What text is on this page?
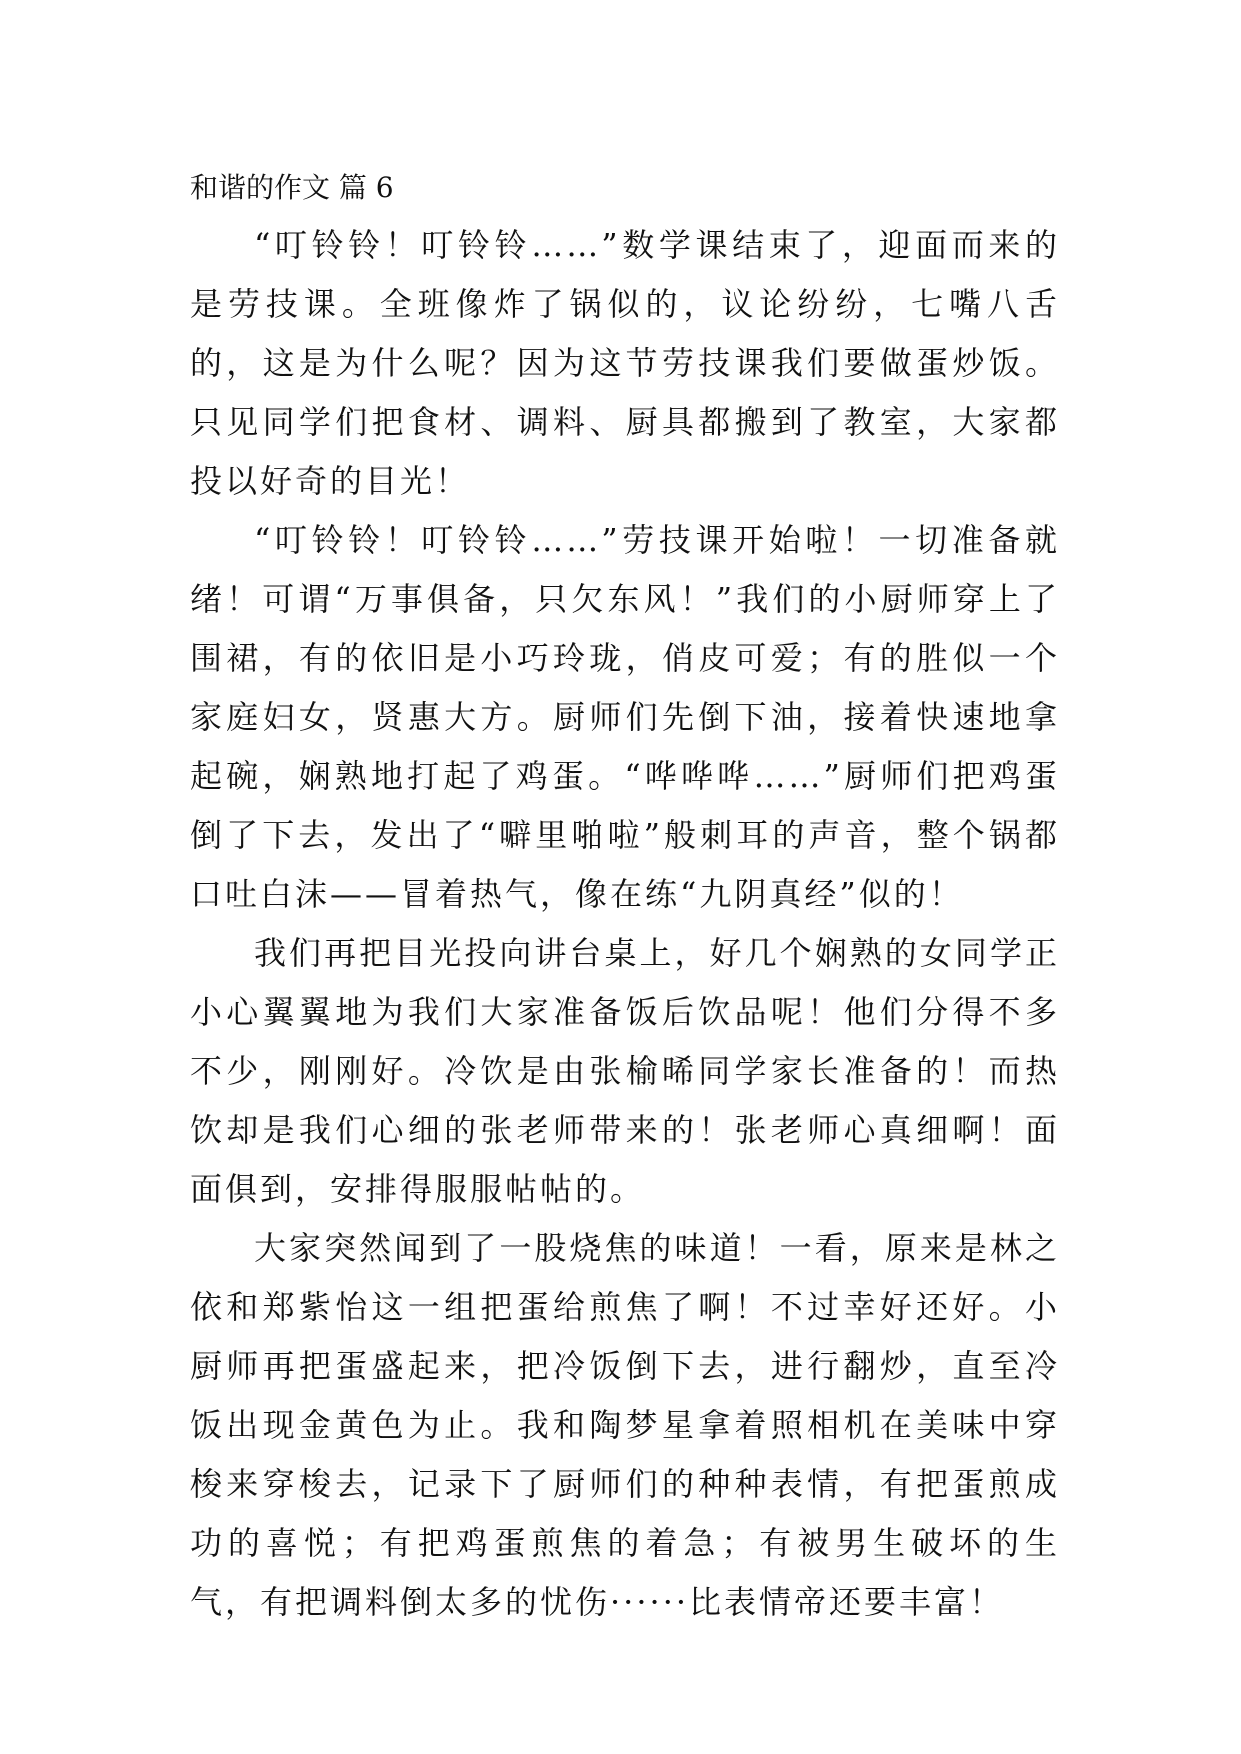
和谐的作文 篇 6

“叮铃铃！叮铃铃……”数学课结束了，迎面而来的是劳技课。全班像炸了锅似的，议论纷纷，七嘴八舌的，这是为什么呢？因为这节劳技课我们要做蛋炒饭。只见同学们把食材、调料、厨具都搬到了教室，大家都投以好奇的目光！

“叮铃铃！叮铃铃……”劳技课开始啦！一切准备就绪！可谓“万事俱备，只欠东风！”我们的小厨师穿上了围裙，有的依旧是小巧玲珑，俏皮可爱；有的胜似一个家庭妇女，贤惠大方。厨师们先倒下油，接着快速地拿起碗，娴熟地打起了鸡蛋。“哗哗哗……”厨师们把鸡蛋倒了下去，发出了“噼里啪啦”般刺耳的声音，整个锅都口吐白沫——冒着热气，像在练“九阴真经”似的！

我们再把目光投向讲台桌上，好几个娴熟的女同学正小心翼翼地为我们大家准备饭后饮品呢！他们分得不多不少，刚刚好。冷饮是由张榆晞同学家长准备的！而热饮却是我们心细的张老师带来的！张老师心真细啊！面面俱到，安排得服服帖帖的。

大家突然闻到了一股烧焦的味道！一看，原来是林之依和郑紫怡这一组把蛋给煎焦了啊！不过幸好还好。小厨师再把蛋盛起来，把冷饭倒下去，进行翻炒，直至冷饭出现金黄色为止。我和陶梦星拿着照相机在美味中穿梭来穿梭去，记录下了厨师们的种种表情，有把蛋煎成功的喜悦；有把鸡蛋煎焦的着急；有被男生破坏的生气，有把调料倒太多的忧伤······比表情帝还要丰富！
